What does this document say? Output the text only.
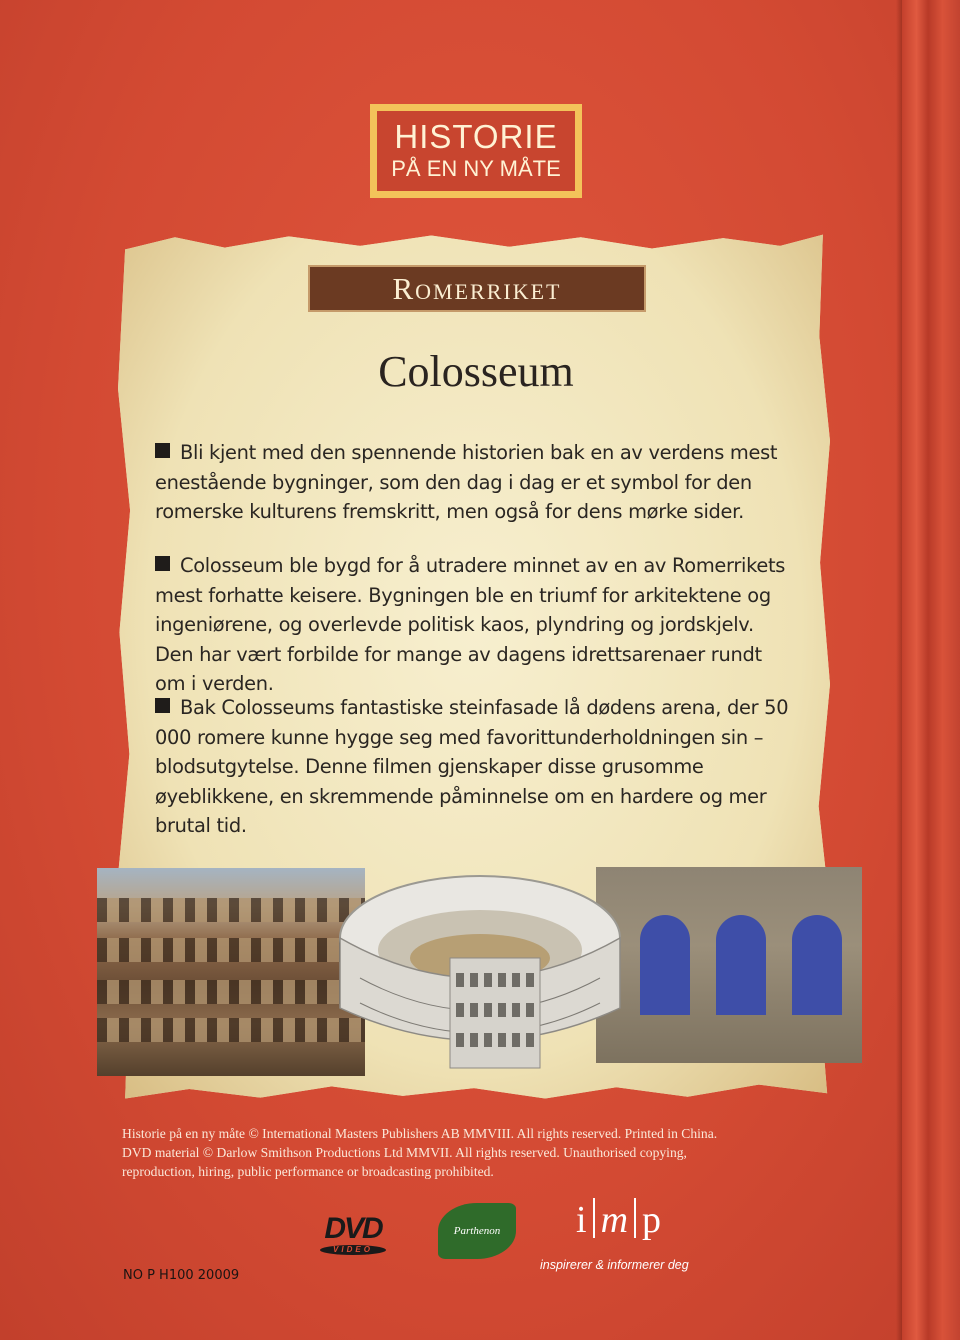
HISTORIE
PÅ EN NY MÅTE
Romerriket
Colosseum
Bli kjent med den spennende historien bak en av verdens mest enestående bygninger, som den dag i dag er et symbol for den romerske kulturens fremskritt, men også for dens mørke sider.
Colosseum ble bygd for å utradere minnet av en av Romerrikets mest forhatte keisere. Bygningen ble en triumf for arkitektene og ingeniørene, og overlevde politisk kaos, plyndring og jordskjelv. Den har vært forbilde for mange av dagens idrettsarenaer rundt om i verden.
Bak Colosseums fantastiske steinfasade lå dødens arena, der 50 000 romere kunne hygge seg med favorittunderholdningen sin – blodsutgytelse. Denne filmen gjenskaper disse grusomme øyeblikkene, en skremmende påminnelse om en hardere og mer brutal tid.
Historie på en ny måte © International Masters Publishers AB MMVIII. All rights reserved. Printed in China.
DVD material © Darlow Smithson Productions Ltd MMVII. All rights reserved. Unauthorised copying,
reproduction, hiring, public performance or broadcasting prohibited.
DVD
VIDEO
Parthenon	i m p
inspirerer & informerer deg
NO P H100 20009
